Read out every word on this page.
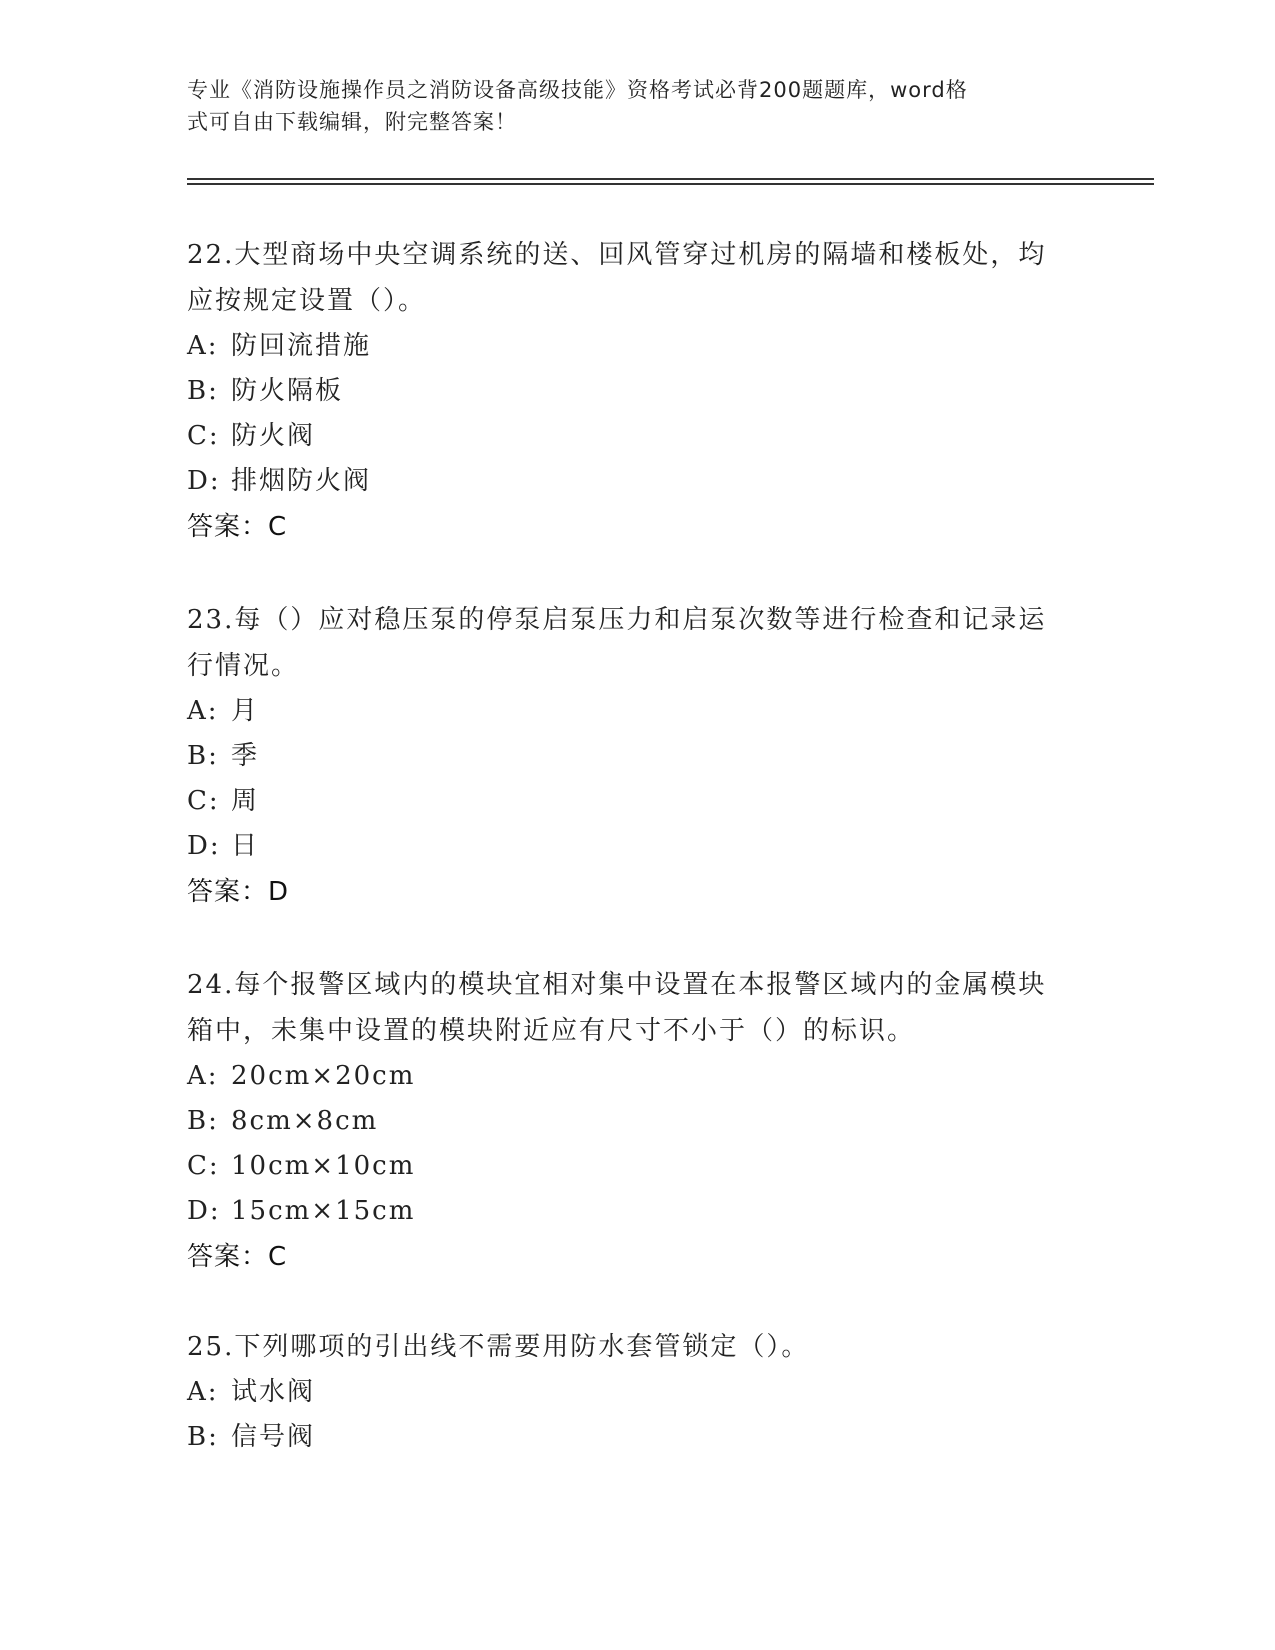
专业《消防设施操作员之消防设备高级技能》资格考试必背200题题库，word格
式可自由下载编辑，附完整答案！

22.大型商场中央空调系统的送、回风管穿过机房的隔墙和楼板处，均
应按规定设置（）。

A: 防回流措施

B: 防火隔板

C: 防火阀

D: 排烟防火阀

答案：C

23.每（）应对稳压泵的停泵启泵压力和启泵次数等进行检查和记录运
行情况。

A: 月

B: 季

C: 周

D: 日

答案：D

24.每个报警区域内的模块宜相对集中设置在本报警区域内的金属模块
箱中，未集中设置的模块附近应有尺寸不小于（）的标识。

A: 20cm×20cm

B: 8cm×8cm

C: 10cm×10cm

D: 15cm×15cm

答案：C

25.下列哪项的引出线不需要用防水套管锁定（）。

A: 试水阀

B: 信号阀
